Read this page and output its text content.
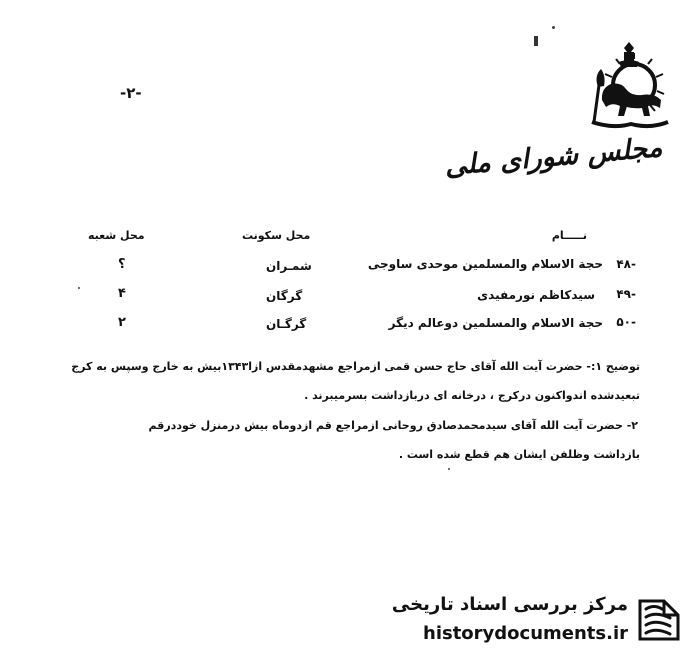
-۲-
مجلس شورای ملی
نـــــام
محل سکونت
محل شعبه
۴۸-
حجة الاسلام والمسلمین موحدی ساوجی
شمـران
؟
۴۹-
سیدکاظم نورمفیدی
گرگان
۴
۵۰-
حجة الاسلام والمسلمین دوعالم دیگر
گرگـان
۲
توضیح ۱:- حضرت آیت الله آقای حاج حسن قمی ازمراجع مشهدمقدس ازا۱۳۴۳بیش به خارج وسپس به کرج
تبعیدشده اندواکنون درکرج ، درخانه ای دربازداشت بسرمیبرند .
۲- حضرت آیت الله آقای سیدمحمدصادق روحانی ازمراجع قم ازدوماه بیش درمنزل خوددرقم
بازداشت وظلفن ایشان هم قطع شده است .
مرکز بررسی اسناد تاریخی
historydocuments.ir
